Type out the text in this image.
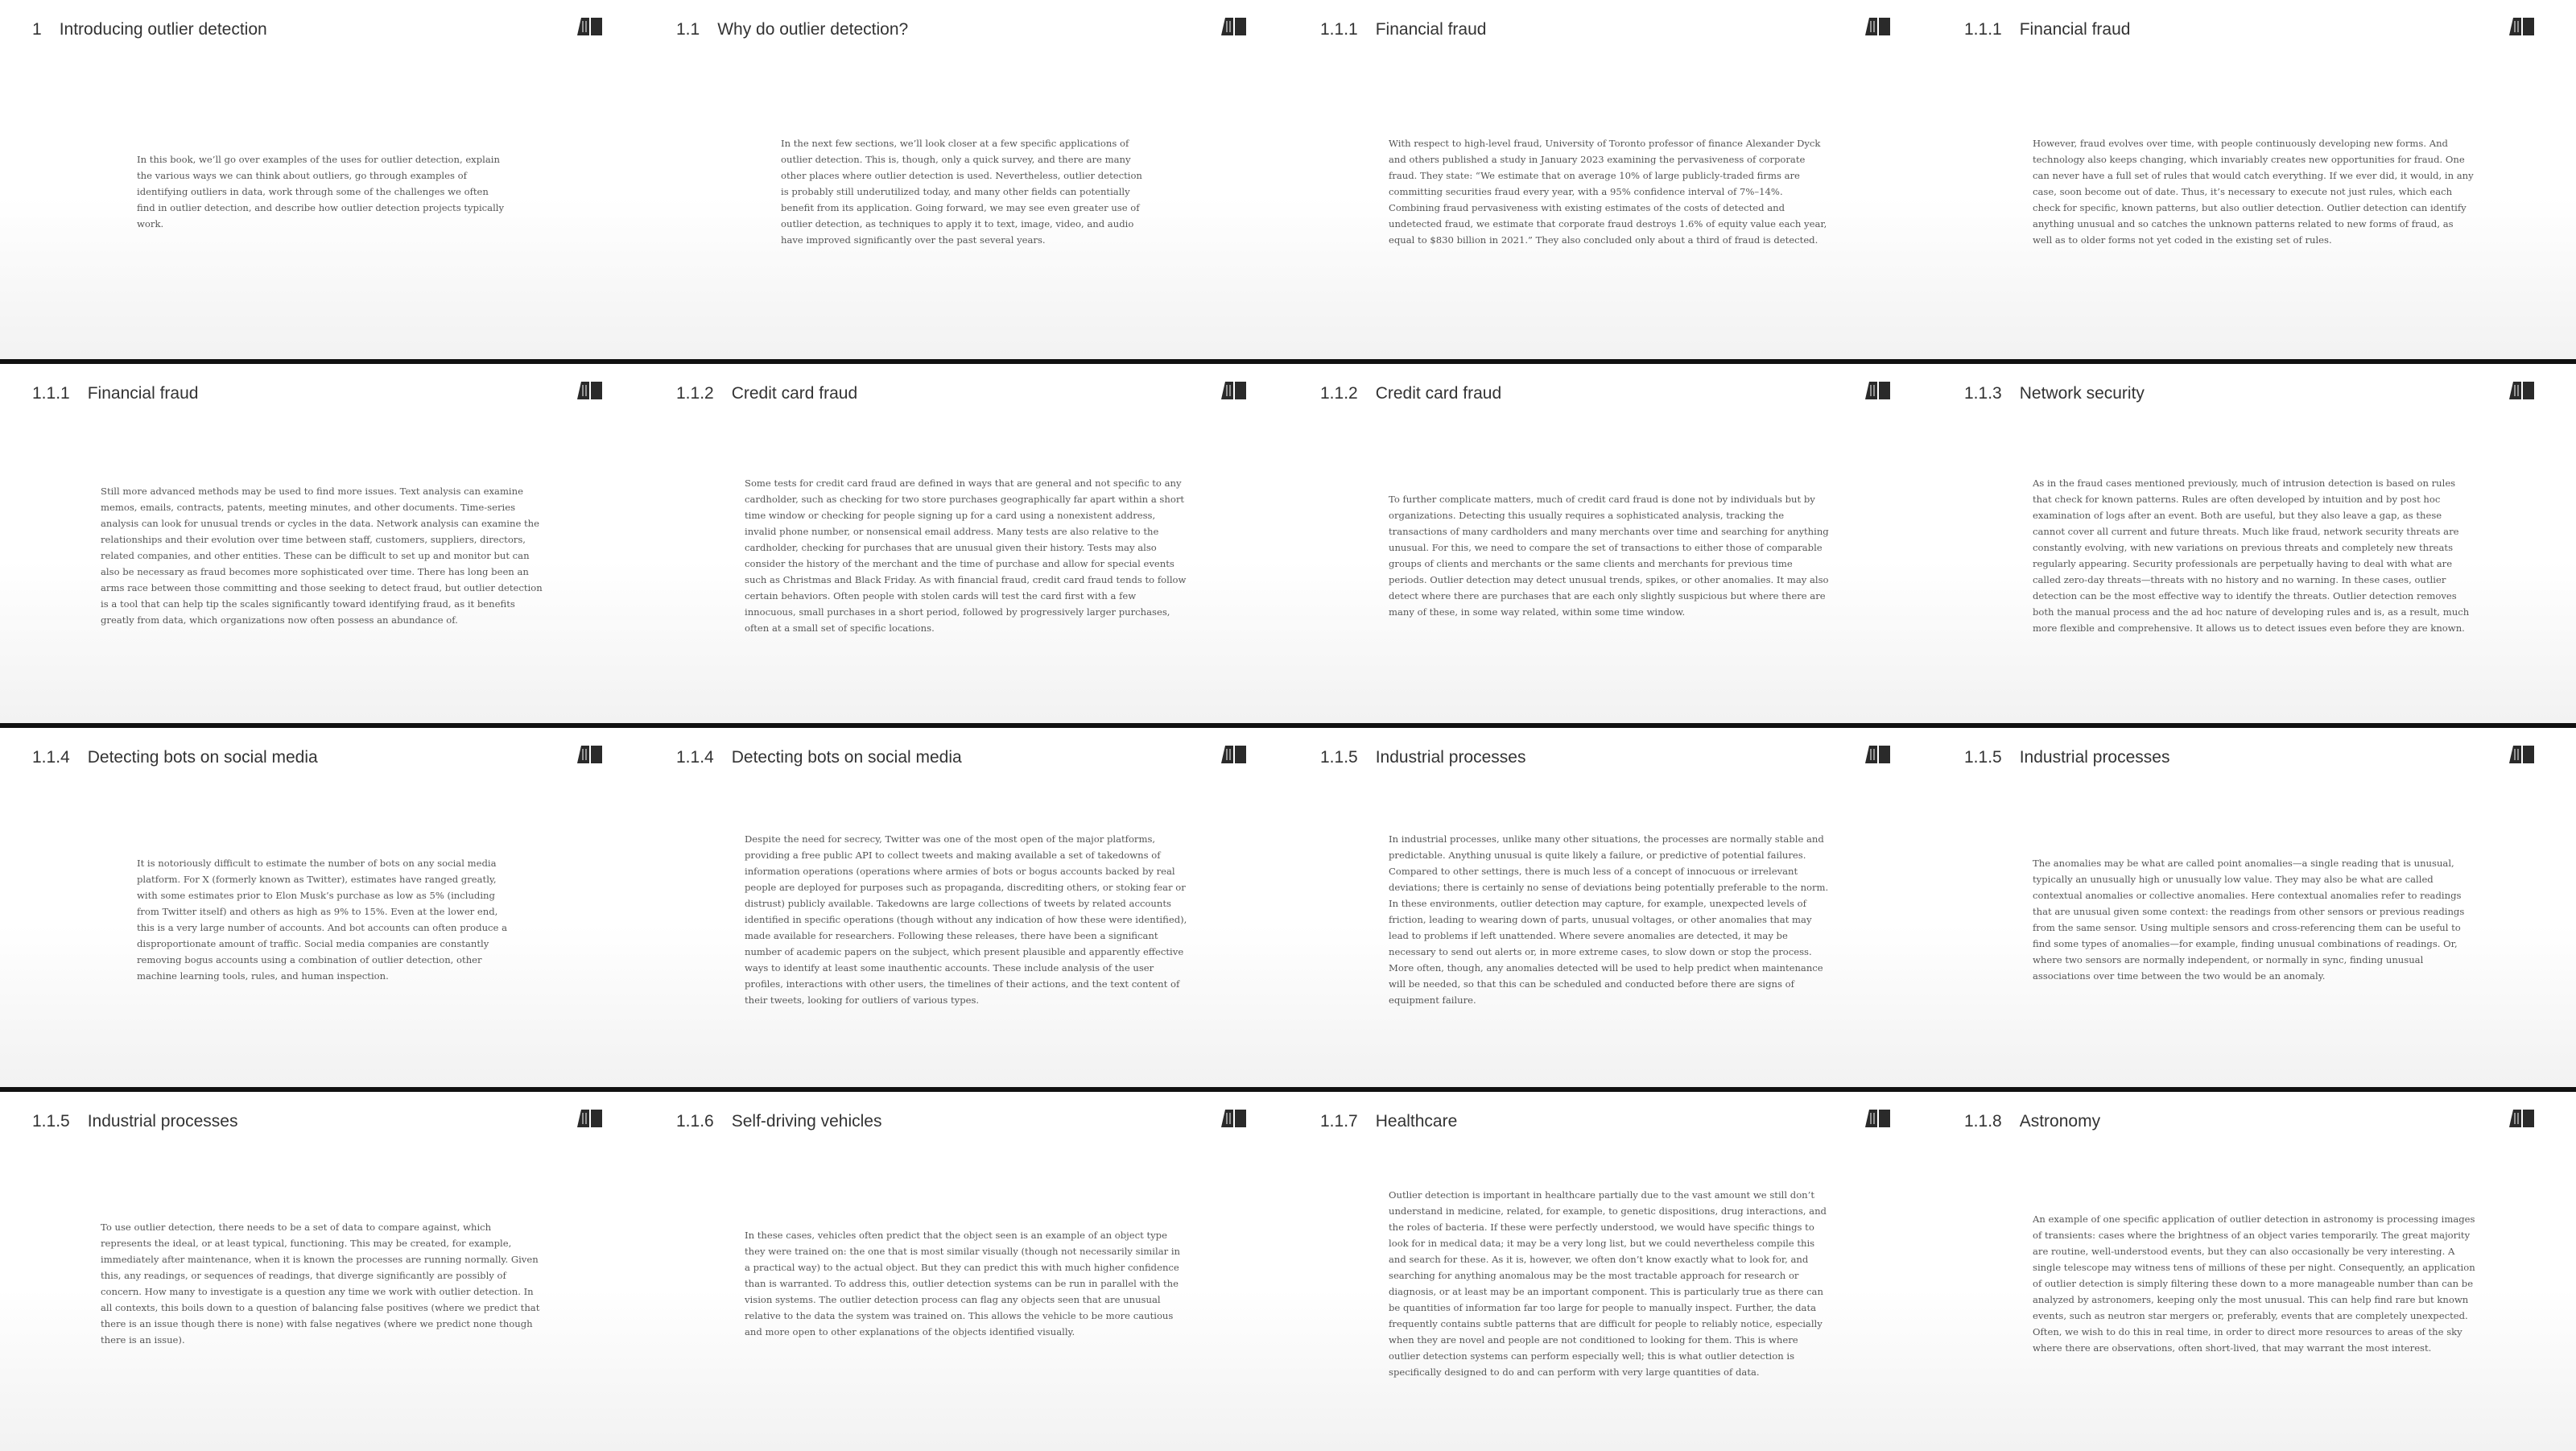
1 Introducing outlier detection

In this book, we’ll go over examples of the uses for outlier detection, explain the various ways we can think about outliers, go through examples of identifying outliers in data, work through some of the challenges we often find in outlier detection, and describe how outlier detection projects typically work.

1.1 Why do outlier detection?

In the next few sections, we’ll look closer at a few specific applications of outlier detection. This is, though, only a quick survey, and there are many other places where outlier detection is used. Nevertheless, outlier detection is probably still underutilized today, and many other fields can potentially benefit from its application. Going forward, we may see even greater use of outlier detection, as techniques to apply it to text, image, video, and audio have improved significantly over the past several years.

1.1.1 Financial fraud

With respect to high-level fraud, University of Toronto professor of finance Alexander Dyck and others published a study in January 2023 examining the pervasiveness of corporate fraud. They state: “We estimate that on average 10% of large publicly-traded firms are committing securities fraud every year, with a 95% confidence interval of 7%–14%. Combining fraud pervasiveness with existing estimates of the costs of detected and undetected fraud, we estimate that corporate fraud destroys 1.6% of equity value each year, equal to $830 billion in 2021.” They also concluded only about a third of fraud is detected.

1.1.1 Financial fraud

However, fraud evolves over time, with people continuously developing new forms. And technology also keeps changing, which invariably creates new opportunities for fraud. One can never have a full set of rules that would catch everything. If we ever did, it would, in any case, soon become out of date. Thus, it’s necessary to execute not just rules, which each check for specific, known patterns, but also outlier detection. Outlier detection can identify anything unusual and so catches the unknown patterns related to new forms of fraud, as well as to older forms not yet coded in the existing set of rules.

1.1.1 Financial fraud

Still more advanced methods may be used to find more issues. Text analysis can examine memos, emails, contracts, patents, meeting minutes, and other documents. Time-series analysis can look for unusual trends or cycles in the data. Network analysis can examine the relationships and their evolution over time between staff, customers, suppliers, directors, related companies, and other entities. These can be difficult to set up and monitor but can also be necessary as fraud becomes more sophisticated over time. There has long been an arms race between those committing and those seeking to detect fraud, but outlier detection is a tool that can help tip the scales significantly toward identifying fraud, as it benefits greatly from data, which organizations now often possess an abundance of.

1.1.2 Credit card fraud

Some tests for credit card fraud are defined in ways that are general and not specific to any cardholder, such as checking for two store purchases geographically far apart within a short time window or checking for people signing up for a card using a nonexistent address, invalid phone number, or nonsensical email address. Many tests are also relative to the cardholder, checking for purchases that are unusual given their history. Tests may also consider the history of the merchant and the time of purchase and allow for special events such as Christmas and Black Friday. As with financial fraud, credit card fraud tends to follow certain behaviors. Often people with stolen cards will test the card first with a few innocuous, small purchases in a short period, followed by progressively larger purchases, often at a small set of specific locations.

1.1.2 Credit card fraud

To further complicate matters, much of credit card fraud is done not by individuals but by organizations. Detecting this usually requires a sophisticated analysis, tracking the transactions of many cardholders and many merchants over time and searching for anything unusual. For this, we need to compare the set of transactions to either those of comparable groups of clients and merchants or the same clients and merchants for previous time periods. Outlier detection may detect unusual trends, spikes, or other anomalies. It may also detect where there are purchases that are each only slightly suspicious but where there are many of these, in some way related, within some time window.

1.1.3 Network security

As in the fraud cases mentioned previously, much of intrusion detection is based on rules that check for known patterns. Rules are often developed by intuition and by post hoc examination of logs after an event. Both are useful, but they also leave a gap, as these cannot cover all current and future threats. Much like fraud, network security threats are constantly evolving, with new variations on previous threats and completely new threats regularly appearing. Security professionals are perpetually having to deal with what are called zero-day threats—threats with no history and no warning. In these cases, outlier detection can be the most effective way to identify the threats. Outlier detection removes both the manual process and the ad hoc nature of developing rules and is, as a result, much more flexible and comprehensive. It allows us to detect issues even before they are known.

1.1.4 Detecting bots on social media

It is notoriously difficult to estimate the number of bots on any social media platform. For X (formerly known as Twitter), estimates have ranged greatly, with some estimates prior to Elon Musk’s purchase as low as 5% (including from Twitter itself) and others as high as 9% to 15%. Even at the lower end, this is a very large number of accounts. And bot accounts can often produce a disproportionate amount of traffic. Social media companies are constantly removing bogus accounts using a combination of outlier detection, other machine learning tools, rules, and human inspection.

1.1.4 Detecting bots on social media

Despite the need for secrecy, Twitter was one of the most open of the major platforms, providing a free public API to collect tweets and making available a set of takedowns of information operations (operations where armies of bots or bogus accounts backed by real people are deployed for purposes such as propaganda, discrediting others, or stoking fear or distrust) publicly available. Takedowns are large collections of tweets by related accounts identified in specific operations (though without any indication of how these were identified), made available for researchers. Following these releases, there have been a significant number of academic papers on the subject, which present plausible and apparently effective ways to identify at least some inauthentic accounts. These include analysis of the user profiles, interactions with other users, the timelines of their actions, and the text content of their tweets, looking for outliers of various types.

1.1.5 Industrial processes

In industrial processes, unlike many other situations, the processes are normally stable and predictable. Anything unusual is quite likely a failure, or predictive of potential failures. Compared to other settings, there is much less of a concept of innocuous or irrelevant deviations; there is certainly no sense of deviations being potentially preferable to the norm. In these environments, outlier detection may capture, for example, unexpected levels of friction, leading to wearing down of parts, unusual voltages, or other anomalies that may lead to problems if left unattended. Where severe anomalies are detected, it may be necessary to send out alerts or, in more extreme cases, to slow down or stop the process. More often, though, any anomalies detected will be used to help predict when maintenance will be needed, so that this can be scheduled and conducted before there are signs of equipment failure.

1.1.5 Industrial processes

The anomalies may be what are called point anomalies—a single reading that is unusual, typically an unusually high or unusually low value. They may also be what are called contextual anomalies or collective anomalies. Here contextual anomalies refer to readings that are unusual given some context: the readings from other sensors or previous readings from the same sensor. Using multiple sensors and cross-referencing them can be useful to find some types of anomalies—for example, finding unusual combinations of readings. Or, where two sensors are normally independent, or normally in sync, finding unusual associations over time between the two would be an anomaly.

1.1.5 Industrial processes

To use outlier detection, there needs to be a set of data to compare against, which represents the ideal, or at least typical, functioning. This may be created, for example, immediately after maintenance, when it is known the processes are running normally. Given this, any readings, or sequences of readings, that diverge significantly are possibly of concern. How many to investigate is a question any time we work with outlier detection. In all contexts, this boils down to a question of balancing false positives (where we predict that there is an issue though there is none) with false negatives (where we predict none though there is an issue).

1.1.6 Self-driving vehicles

In these cases, vehicles often predict that the object seen is an example of an object type they were trained on: the one that is most similar visually (though not necessarily similar in a practical way) to the actual object. But they can predict this with much higher confidence than is warranted. To address this, outlier detection systems can be run in parallel with the vision systems. The outlier detection process can flag any objects seen that are unusual relative to the data the system was trained on. This allows the vehicle to be more cautious and more open to other explanations of the objects identified visually.

1.1.7 Healthcare

Outlier detection is important in healthcare partially due to the vast amount we still don’t understand in medicine, related, for example, to genetic dispositions, drug interactions, and the roles of bacteria. If these were perfectly understood, we would have specific things to look for in medical data; it may be a very long list, but we could nevertheless compile this and search for these. As it is, however, we often don’t know exactly what to look for, and searching for anything anomalous may be the most tractable approach for research or diagnosis, or at least may be an important component. This is particularly true as there can be quantities of information far too large for people to manually inspect. Further, the data frequently contains subtle patterns that are difficult for people to reliably notice, especially when they are novel and people are not conditioned to looking for them. This is where outlier detection systems can perform especially well; this is what outlier detection is specifically designed to do and can perform with very large quantities of data.

1.1.8 Astronomy

An example of one specific application of outlier detection in astronomy is processing images of transients: cases where the brightness of an object varies temporarily. The great majority are routine, well-understood events, but they can also occasionally be very interesting. A single telescope may witness tens of millions of these per night. Consequently, an application of outlier detection is simply filtering these down to a more manageable number than can be analyzed by astronomers, keeping only the most unusual. This can help find rare but known events, such as neutron star mergers or, preferably, events that are completely unexpected. Often, we wish to do this in real time, in order to direct more resources to areas of the sky where there are observations, often short-lived, that may warrant the most interest.
